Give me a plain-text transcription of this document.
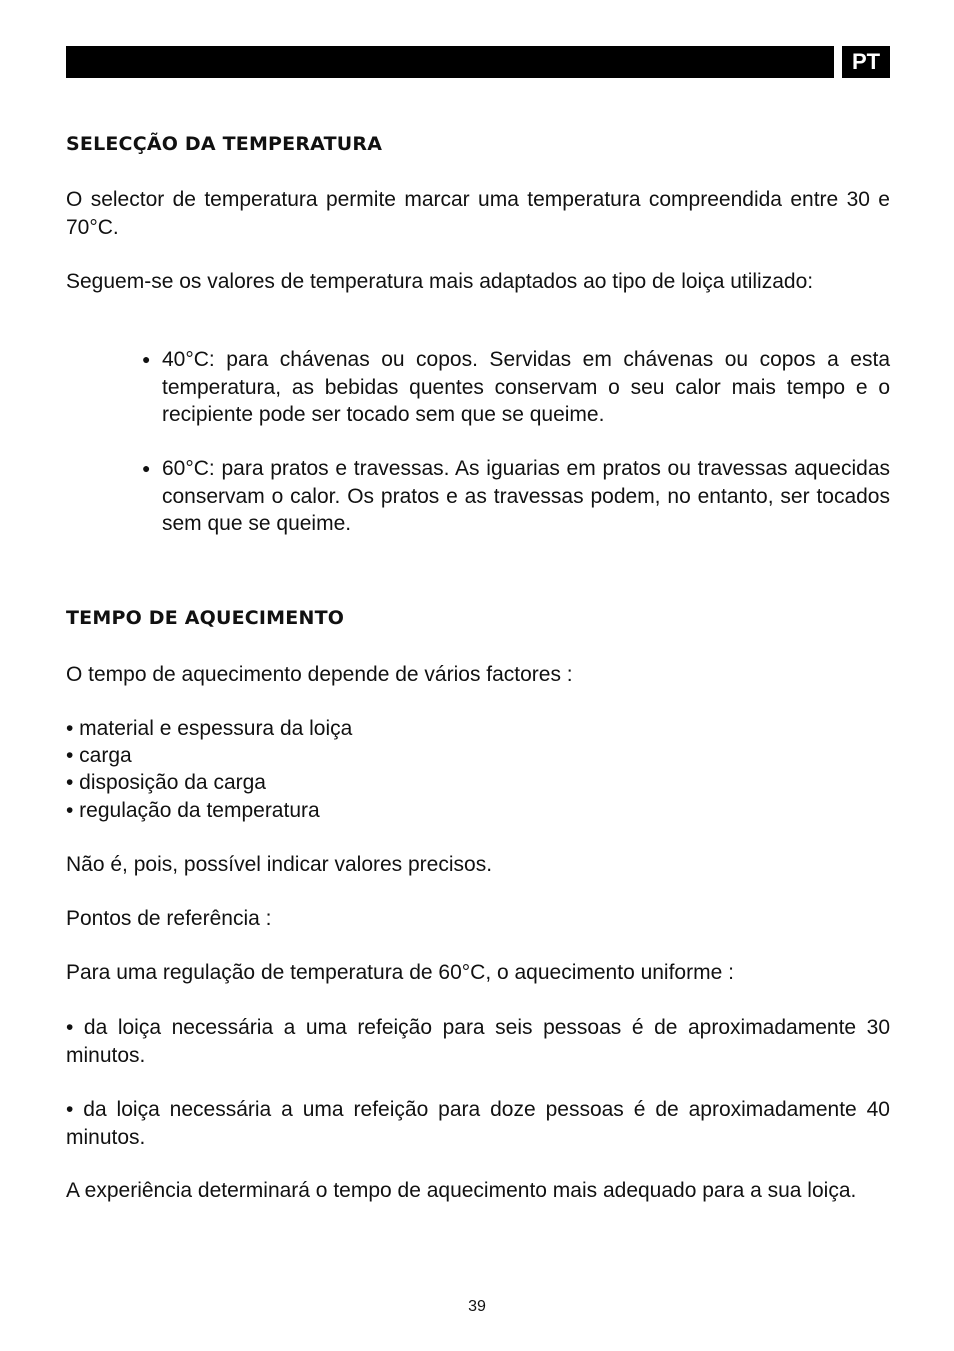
PT
SELECÇÃO DA TEMPERATURA
O selector de temperatura permite marcar uma temperatura compreendida entre 30 e 70°C.
Seguem-se os valores de temperatura mais adaptados ao tipo de loiça utilizado:
● 40°C: para chávenas ou copos. Servidas em chávenas ou copos a esta temperatura, as bebidas quentes conservam o seu calor mais tempo e o recipiente pode ser tocado sem que se queime.
● 60°C: para pratos e travessas. As iguarias em pratos ou travessas aquecidas conservam o calor. Os pratos e as travessas podem, no entanto, ser tocados sem que se queime.
TEMPO DE AQUECIMENTO
O tempo de aquecimento depende de vários factores :
• material e espessura da loiça
• carga
• disposição da carga
• regulação da temperatura
Não é, pois, possível indicar valores precisos.
Pontos de referência :
Para uma regulação de temperatura de 60°C, o aquecimento uniforme :
• da loiça necessária a uma refeição para seis pessoas é de aproximadamente 30 minutos.
• da loiça necessária a uma refeição para doze pessoas é de aproximadamente 40 minutos.
A experiência determinará o tempo de aquecimento mais adequado para a sua loiça.
39
